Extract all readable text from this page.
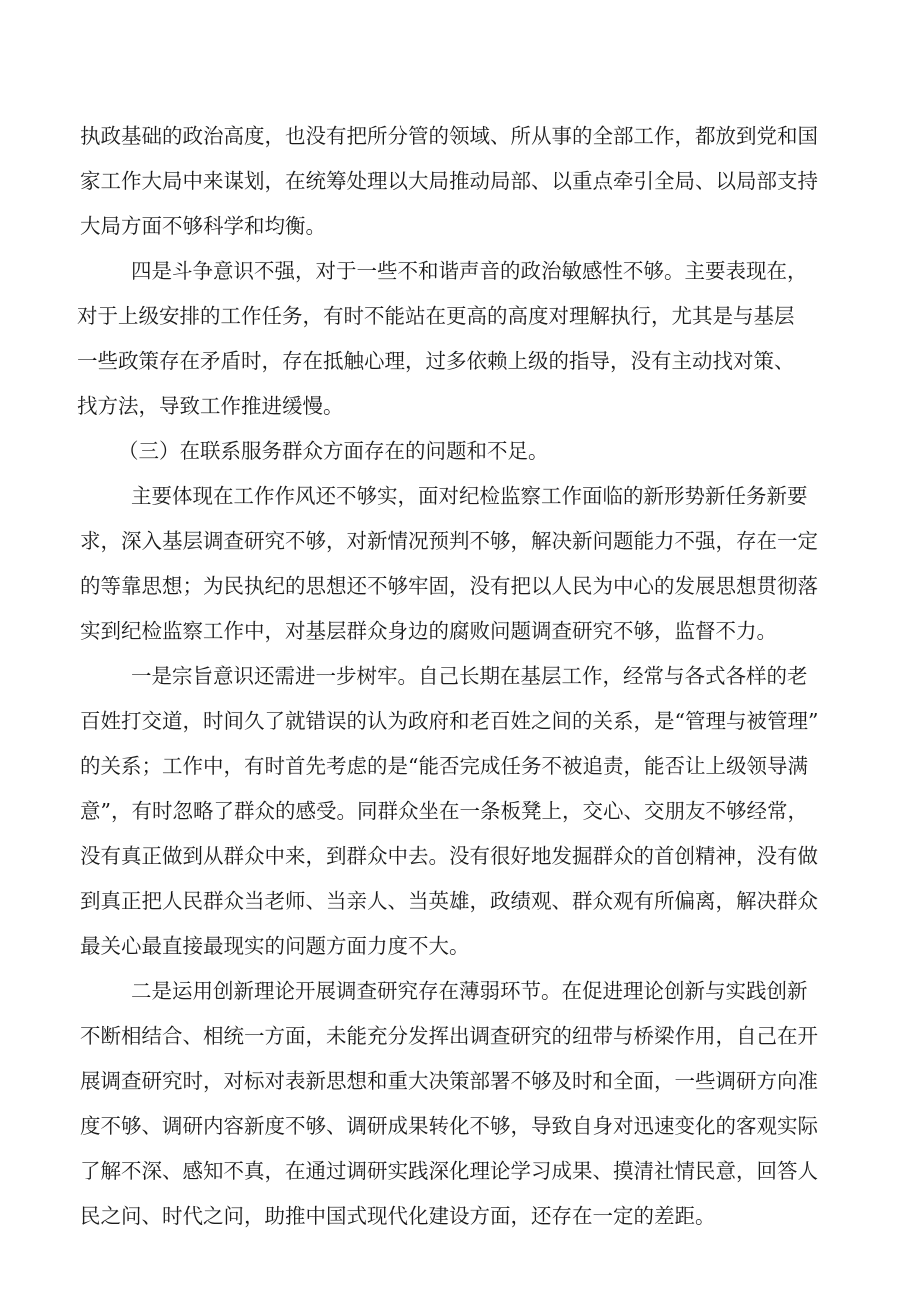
执政基础的政治高度，也没有把所分管的领域、所从事的全部工作，都放到党和国

家工作大局中来谋划，在统筹处理以大局推动局部、以重点牵引全局、以局部支持

大局方面不够科学和均衡。

四是斗争意识不强，对于一些不和谐声音的政治敏感性不够。主要表现在，

对于上级安排的工作任务，有时不能站在更高的高度对理解执行，尤其是与基层

一些政策存在矛盾时，存在抵触心理，过多依赖上级的指导，没有主动找对策、

找方法，导致工作推进缓慢。

（三）在联系服务群众方面存在的问题和不足。

主要体现在工作作风还不够实，面对纪检监察工作面临的新形势新任务新要

求，深入基层调查研究不够，对新情况预判不够，解决新问题能力不强，存在一定

的等靠思想；为民执纪的思想还不够牢固，没有把以人民为中心的发展思想贯彻落

实到纪检监察工作中，对基层群众身边的腐败问题调查研究不够，监督不力。

一是宗旨意识还需进一步树牢。自己长期在基层工作，经常与各式各样的老

百姓打交道，时间久了就错误的认为政府和老百姓之间的关系，是“管理与被管理”

的关系；工作中，有时首先考虑的是“能否完成任务不被追责，能否让上级领导满

意”，有时忽略了群众的感受。同群众坐在一条板凳上，交心、交朋友不够经常，

没有真正做到从群众中来，到群众中去。没有很好地发掘群众的首创精神，没有做

到真正把人民群众当老师、当亲人、当英雄，政绩观、群众观有所偏离，解决群众

最关心最直接最现实的问题方面力度不大。

二是运用创新理论开展调查研究存在薄弱环节。在促进理论创新与实践创新

不断相结合、相统一方面，未能充分发挥出调查研究的纽带与桥梁作用，自己在开

展调查研究时，对标对表新思想和重大决策部署不够及时和全面，一些调研方向准

度不够、调研内容新度不够、调研成果转化不够，导致自身对迅速变化的客观实际

了解不深、感知不真，在通过调研实践深化理论学习成果、摸清社情民意，回答人

民之问、时代之问，助推中国式现代化建设方面，还存在一定的差距。
